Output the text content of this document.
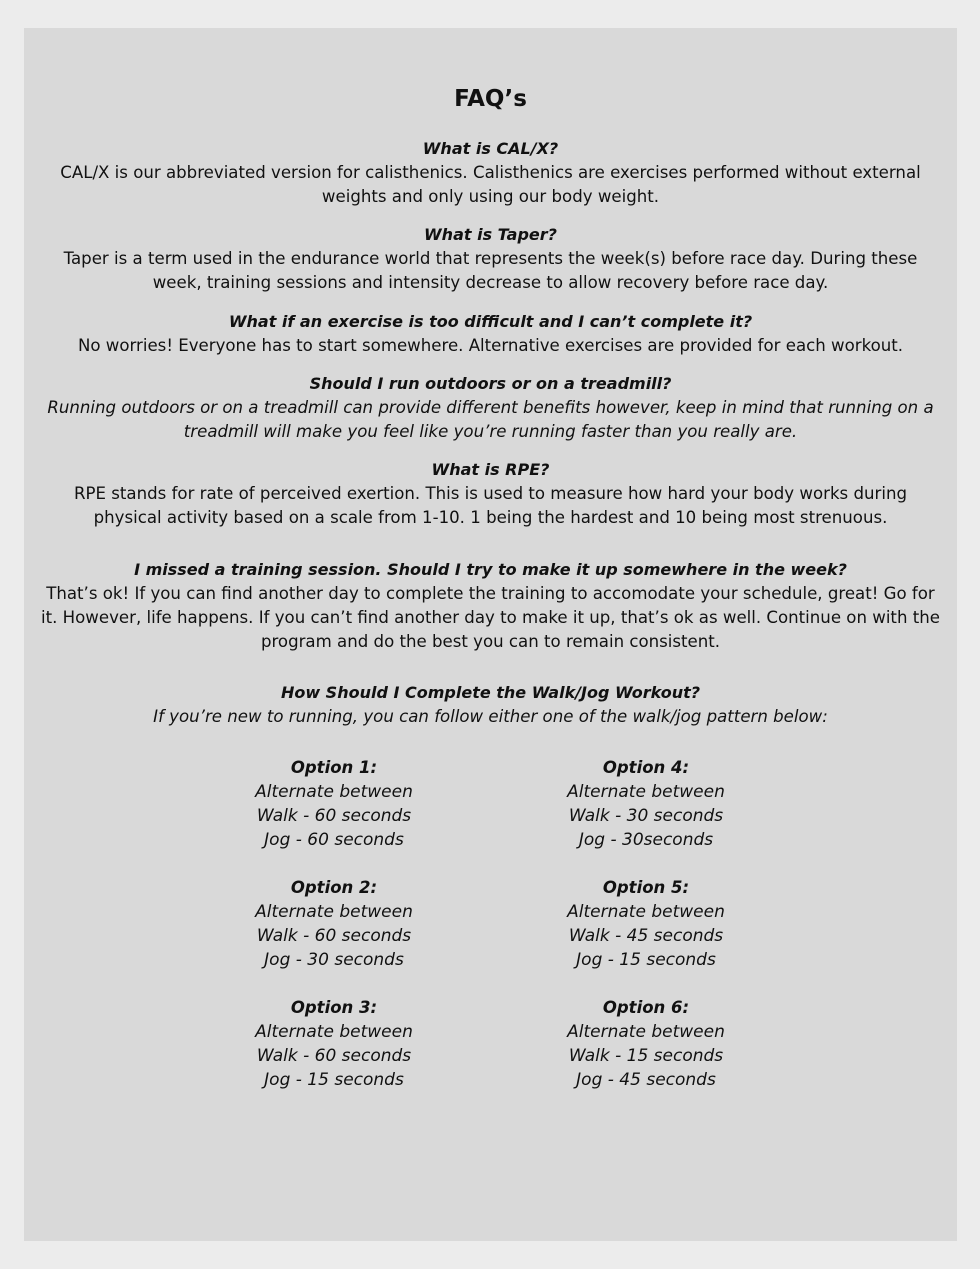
FAQ’s
What is CAL/X?
CAL/X is our abbreviated version for calisthenics. Calisthenics are exercises performed without external
weights and only using our body weight.
What is Taper?
Taper is a term used in the endurance world that represents the week(s) before race day. During these
week, training sessions and intensity decrease to allow recovery before race day.
What if an exercise is too difficult and I can’t complete it?
No worries! Everyone has to start somewhere. Alternative exercises are provided for each workout.
Should I run outdoors or on a treadmill?
Running outdoors or on a treadmill can provide different benefits however, keep in mind that running on a
treadmill will make you feel like you’re running faster than you really are.
What is RPE?
RPE stands for rate of perceived exertion. This is used to measure how hard your body works during
physical activity based on a scale from 1-10. 1 being the hardest and 10 being most strenuous.
I missed a training session. Should I try to make it up somewhere in the week?
That’s ok! If you can find another day to complete the training to accomodate your schedule, great! Go for
it. However, life happens. If you can’t find another day to make it up, that’s ok as well. Continue on with the
program and do the best you can to remain consistent.
How Should I Complete the Walk/Jog Workout?
If you’re new to running, you can follow either one of the walk/jog pattern below:
Option 1:
Alternate between
Walk - 60 seconds
Jog - 60 seconds
Option 2:
Alternate between
Walk - 60 seconds
Jog - 30 seconds
Option 3:
Alternate between
Walk - 60 seconds
Jog - 15 seconds
Option 4:
Alternate between
Walk - 30 seconds
Jog - 30seconds
Option 5:
Alternate between
Walk - 45 seconds
Jog - 15 seconds
Option 6:
Alternate between
Walk - 15 seconds
Jog - 45 seconds
